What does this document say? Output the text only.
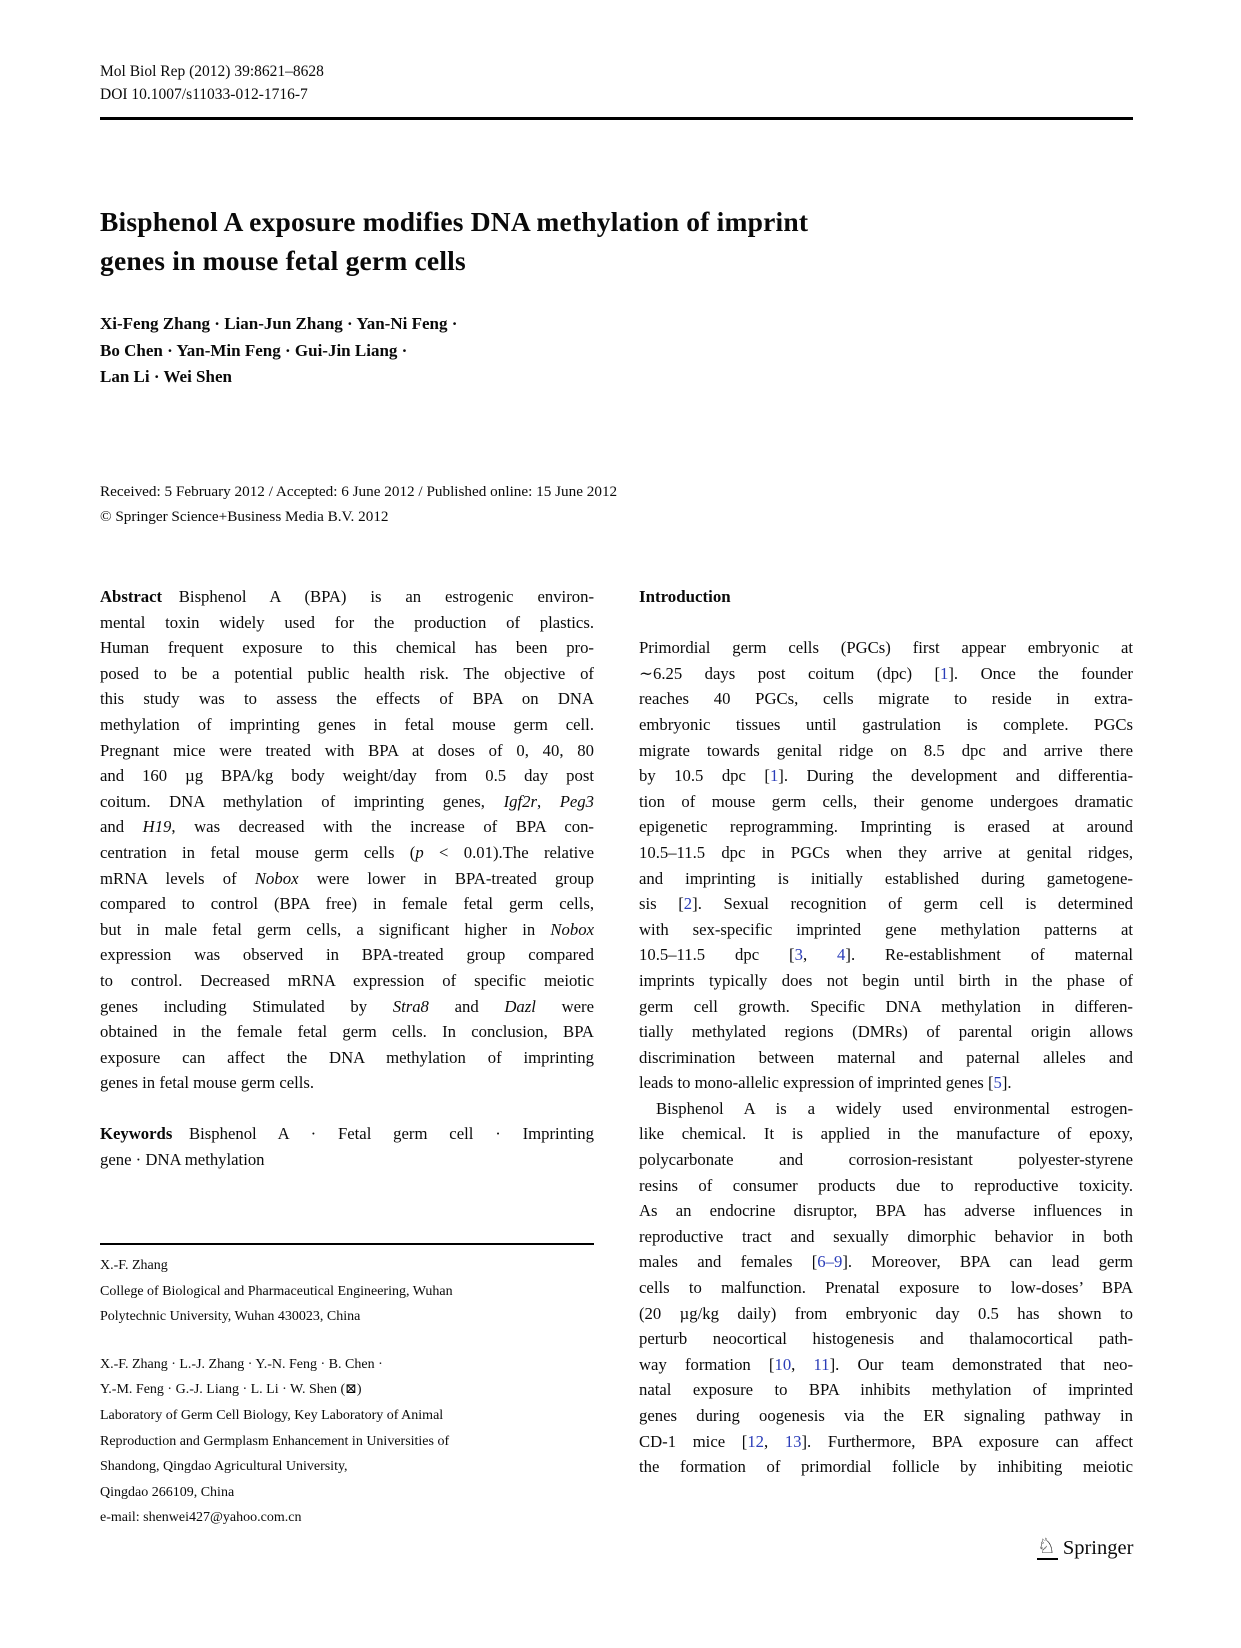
Mol Biol Rep (2012) 39:8621–8628
DOI 10.1007/s11033-012-1716-7
Bisphenol A exposure modifies DNA methylation of imprint
genes in mouse fetal germ cells
Xi-Feng Zhang · Lian-Jun Zhang · Yan-Ni Feng ·
Bo Chen · Yan-Min Feng · Gui-Jin Liang ·
Lan Li · Wei Shen
Received: 5 February 2012 / Accepted: 6 June 2012 / Published online: 15 June 2012
© Springer Science+Business Media B.V. 2012
Abstract  Bisphenol A (BPA) is an estrogenic environ-
mental toxin widely used for the production of plastics.
Human frequent exposure to this chemical has been pro-
posed to be a potential public health risk. The objective of
this study was to assess the effects of BPA on DNA
methylation of imprinting genes in fetal mouse germ cell.
Pregnant mice were treated with BPA at doses of 0, 40, 80
and 160 µg BPA/kg body weight/day from 0.5 day post
coitum. DNA methylation of imprinting genes, Igf2r, Peg3
and H19, was decreased with the increase of BPA con-
centration in fetal mouse germ cells (p < 0.01).The relative
mRNA levels of Nobox were lower in BPA-treated group
compared to control (BPA free) in female fetal germ cells,
but in male fetal germ cells, a significant higher in Nobox
expression was observed in BPA-treated group compared
to control. Decreased mRNA expression of specific meiotic
genes including Stimulated by Stra8 and Dazl were
obtained in the female fetal germ cells. In conclusion, BPA
exposure can affect the DNA methylation of imprinting
genes in fetal mouse germ cells.
Keywords  Bisphenol A · Fetal germ cell · Imprinting
gene · DNA methylation
Introduction
Primordial germ cells (PGCs) first appear embryonic at
∼6.25 days post coitum (dpc) [1]. Once the founder
reaches 40 PGCs, cells migrate to reside in extra-
embryonic tissues until gastrulation is complete. PGCs
migrate towards genital ridge on 8.5 dpc and arrive there
by 10.5 dpc [1]. During the development and differentia-
tion of mouse germ cells, their genome undergoes dramatic
epigenetic reprogramming. Imprinting is erased at around
10.5–11.5 dpc in PGCs when they arrive at genital ridges,
and imprinting is initially established during gametogene-
sis [2]. Sexual recognition of germ cell is determined
with sex-specific imprinted gene methylation patterns at
10.5–11.5 dpc [3, 4]. Re-establishment of maternal
imprints typically does not begin until birth in the phase of
germ cell growth. Specific DNA methylation in differen-
tially methylated regions (DMRs) of parental origin allows
discrimination between maternal and paternal alleles and
leads to mono-allelic expression of imprinted genes [5].
Bisphenol A is a widely used environmental estrogen-
like chemical. It is applied in the manufacture of epoxy,
polycarbonate and corrosion-resistant polyester-styrene
resins of consumer products due to reproductive toxicity.
As an endocrine disruptor, BPA has adverse influences in
reproductive tract and sexually dimorphic behavior in both
males and females [6–9]. Moreover, BPA can lead germ
cells to malfunction. Prenatal exposure to low-doses’ BPA
(20 µg/kg daily) from embryonic day 0.5 has shown to
perturb neocortical histogenesis and thalamocortical path-
way formation [10, 11]. Our team demonstrated that neo-
natal exposure to BPA inhibits methylation of imprinted
genes during oogenesis via the ER signaling pathway in
CD-1 mice [12, 13]. Furthermore, BPA exposure can affect
the formation of primordial follicle by inhibiting meiotic
X.-F. Zhang
College of Biological and Pharmaceutical Engineering, Wuhan
Polytechnic University, Wuhan 430023, China
X.-F. Zhang · L.-J. Zhang · Y.-N. Feng · B. Chen ·
Y.-M. Feng · G.-J. Liang · L. Li · W. Shen (⊠)
Laboratory of Germ Cell Biology, Key Laboratory of Animal
Reproduction and Germplasm Enhancement in Universities of
Shandong, Qingdao Agricultural University,
Qingdao 266109, China
e-mail: shenwei427@yahoo.com.cn
♘ Springer
